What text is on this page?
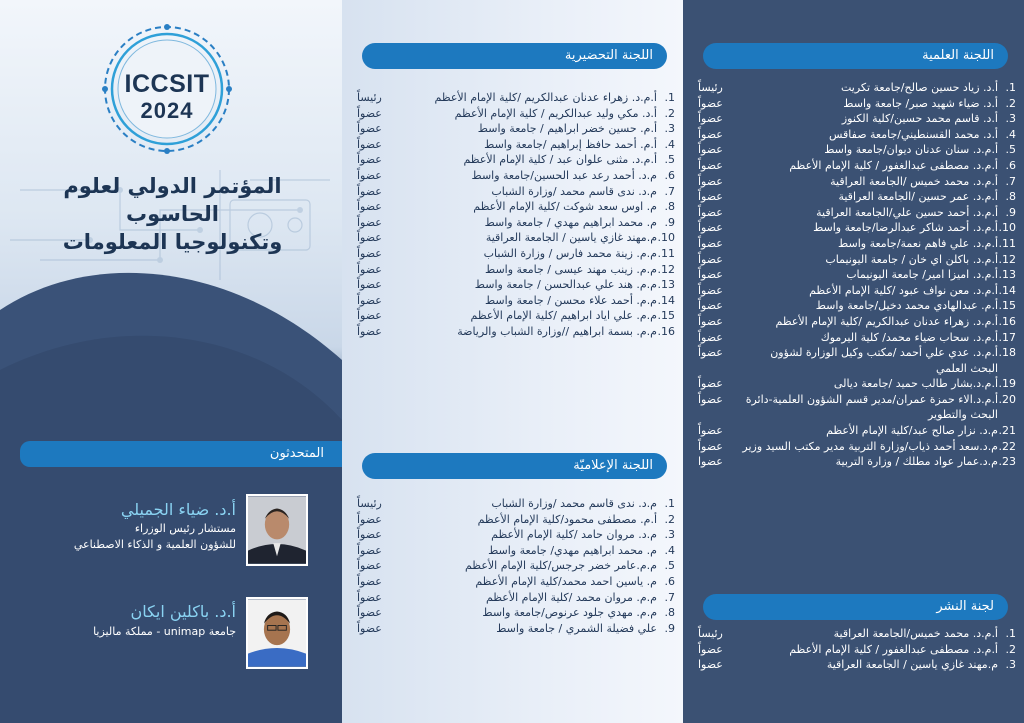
ICCSIT
2024
المؤتمر الدولي لعلوم الحاسوب
وتكنولوجيا المعلومات
المتحدثون
أ.د. ضياء الجميلي
مستشار رئيس الوزراء
للشؤون العلمية و الذكاء الاصطناعي
أ.د. باكلين ايكان
جامعة unimap - مملكة ماليزيا
اللجنة التحضيرية
1.
أ.م.د. زهراء عدنان عبدالكريم /كلية الإمام الأعظم
رئيساً
2.
أ.د. مكي وليد عبدالكريم / كلية الإمام الأعظم
عضواً
3.
أ.م. حسين خضر ابراهيم / جامعة واسط
عضواً
4.
أ.م. أحمد حافظ إبراهيم /جامعة واسط
عضواً
5.
أ.م.د. مثنى علوان عبد / كلية الإمام الأعظم
عضواً
6.
م.د. أحمد رعد عبد الحسين/جامعة واسط
عضواً
7.
م.د. ندى قاسم محمد /وزارة الشباب
عضواً
8.
م. اوس سعد شوكت /كلية الإمام الأعظم
عضواً
9.
م. محمد ابراهيم مهدي / جامعة واسط
عضواً
10.
م.مهند غازي ياسين / الجامعة العراقية
عضواً
11.
م.م. زينة محمد فارس / وزارة الشباب
عضواً
12.
م.م. زينب مهند عيسى / جامعة واسط
عضواً
13.
م.م. هند علي عبدالحسن / جامعة واسط
عضواً
14.
م.م. أحمد علاء محسن / جامعة واسط
عضواً
15.
م.م. علي اياد ابراهيم /كلية الإمام الأعظم
عضواً
16.
م.م. بسمة ابراهيم //وزارة الشباب والرياضة
عضواً
اللجنة الإعلاميّة
1.
م.د. ندى قاسم محمد /وزارة الشباب
رئيساً
2.
أ.م. مصطفى محمود/كلية الإمام الأعظم
عضواً
3.
م.د. مروان حامد /كلية الإمام الأعظم
عضواً
4.
م. محمد ابراهيم مهدي/ جامعة واسط
عضواً
5.
م.م.عامر خضر جرجس/كلية الإمام الأعظم
عضواً
6.
م. ياسين احمد محمد/كلية الإمام الأعظم
عضواً
7.
م.م. مروان محمد /كلية الإمام الأعظم
عضواً
8.
م.م. مهدي جلود عرنوص/جامعة واسط
عضواً
9.
علي فضيلة الشمري / جامعة واسط
عضواً
اللجنة العلمية
1.
أ.د. زياد حسين صالح/جامعة تكريت
رئيساً
2.
أ.د. ضياء شهيد صبر/ جامعة واسط
عضواً
3.
أ.د. قاسم محمد حسين/كلية الكنوز
عضواً
4.
أ.د. محمد القسنطيني/جامعة صفاقس
عضواً
5.
أ.م.د. سنان عدنان ديوان/جامعة واسط
عضواً
6.
أ.م.د. مصطفى عبدالغفور / كلية الإمام الأعظم
عضواً
7.
أ.م.د. محمد خميس /الجامعة العراقية
عضواً
8.
أ.م.د. عمر حسين /الجامعة العراقية
عضواً
9.
أ.م.د. أحمد حسين علي/الجامعة العراقية
عضواً
10.
أ.م.د. أحمد شاكر عبدالرضا/جامعة واسط
عضواً
11.
أ.م.د. علي فاهم نعمة/جامعة واسط
عضواً
12.
أ.م.د. باكلن اي خان / جامعة اليونيماب
عضواً
13.
أ.م.د. اميزا امير/ جامعة اليونيماب
عضواً
14.
أ.م.د. معن نواف عبود /كلية الإمام الأعظم
عضواً
15.
أ.م. عبدالهادي محمد دخيل/جامعة واسط
عضواً
16.
أ.م.د. زهراء عدنان عبدالكريم /كلية الإمام الأعظم
عضواً
17.
أ.م.د. سحاب ضياء محمد/ كلية اليرموك
عضواً
18.
أ.م.د. عدي علي أحمد /مكتب وكيل الوزارة لشؤون البحث العلمي
عضواً
19.
أ.م.د.بشار طالب حميد /جامعة ديالى
عضواً
20.
أ.م.د.الاء حمزة عمران/مدير قسم الشؤون العلمية-دائرة البحث والتطوير
عضواً
21.
م.د. نزار صالح عبد/كلية الإمام الأعظم
عضواً
22.
م.د.سعد أحمد ذياب/وزارة التربية مدير مكتب السيد وزير
عضواً
23.
م.د.عمار عواد مطلك / وزارة التربية
عضوا
لجنة النشر
1.
أ.م.د. محمد خميس/الجامعة العراقية
رئيساً
2.
أ.م.د. مصطفى عبدالغفور / كلية الإمام الأعظم
عضواً
3.
م.مهند غازي ياسين / الجامعة العراقية
عضوا
